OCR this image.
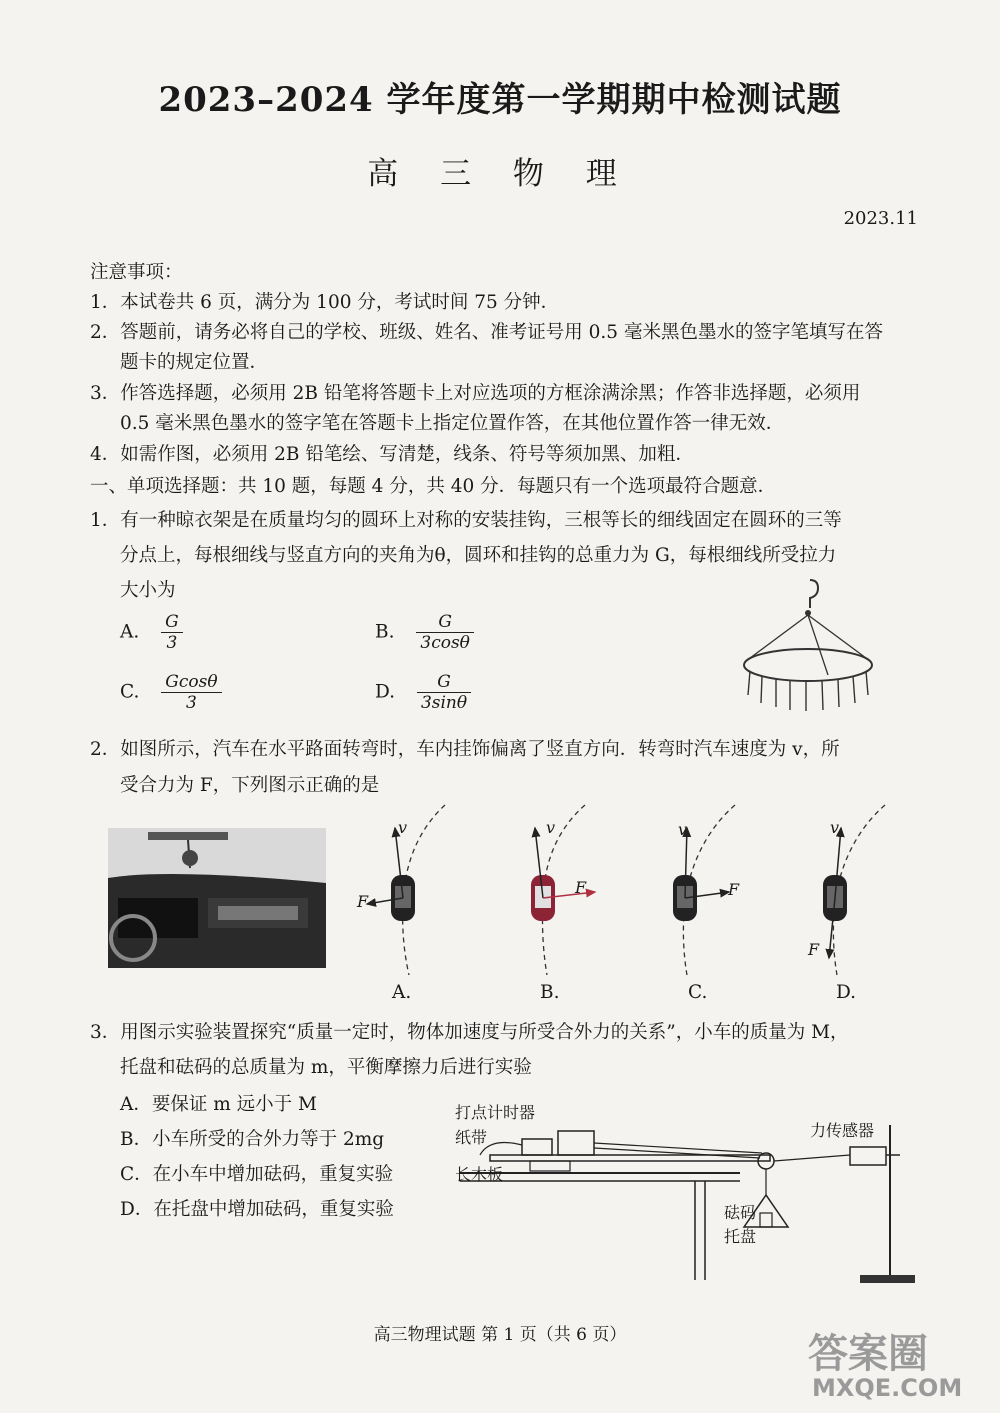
2023–2024 学年度第一学期期中检测试题
高 三 物 理
2023.11
注意事项：
1．本试卷共 6 页，满分为 100 分，考试时间 75 分钟．
2．答题前，请务必将自己的学校、班级、姓名、准考证号用 0.5 毫米黑色墨水的签字笔填写在答
题卡的规定位置．
3．作答选择题，必须用 2B 铅笔将答题卡上对应选项的方框涂满涂黑；作答非选择题，必须用
0.5 毫米黑色墨水的签字笔在答题卡上指定位置作答，在其他位置作答一律无效．
4．如需作图，必须用 2B 铅笔绘、写清楚，线条、符号等须加黑、加粗．
一、单项选择题：共 10 题，每题 4 分，共 40 分．每题只有一个选项最符合题意．
1．有一种晾衣架是在质量均匀的圆环上对称的安装挂钩，三根等长的细线固定在圆环的三等
分点上，每根细线与竖直方向的夹角为θ，圆环和挂钩的总重力为 G，每根细线所受拉力
大小为
A. $\frac{G}{3}$	B. $\frac{G}{3\cos\theta}$
C. $\frac{Gcos\theta}{3}$	D. $\frac{G}{3\sin\theta}$
2．如图所示，汽车在水平路面转弯时，车内挂饰偏离了竖直方向．转弯时汽车速度为 v，所
受合力为 F，下列图示正确的是
v
F
v
F
v
F
v
F
A.	B.	C.	D.
3．用图示实验装置探究“质量一定时，物体加速度与所受合外力的关系”，小车的质量为 M，
托盘和砝码的总质量为 m，平衡摩擦力后进行实验
A．要保证 m 远小于 M
B．小车所受的合外力等于 2mg
C．在小车中增加砝码，重复实验
D．在托盘中增加砝码，重复实验
打点计时器
纸带
长木板
力传感器
砝码
托盘
高三物理试题 第 1 页（共 6 页）	答案圈
MXQE.COM
